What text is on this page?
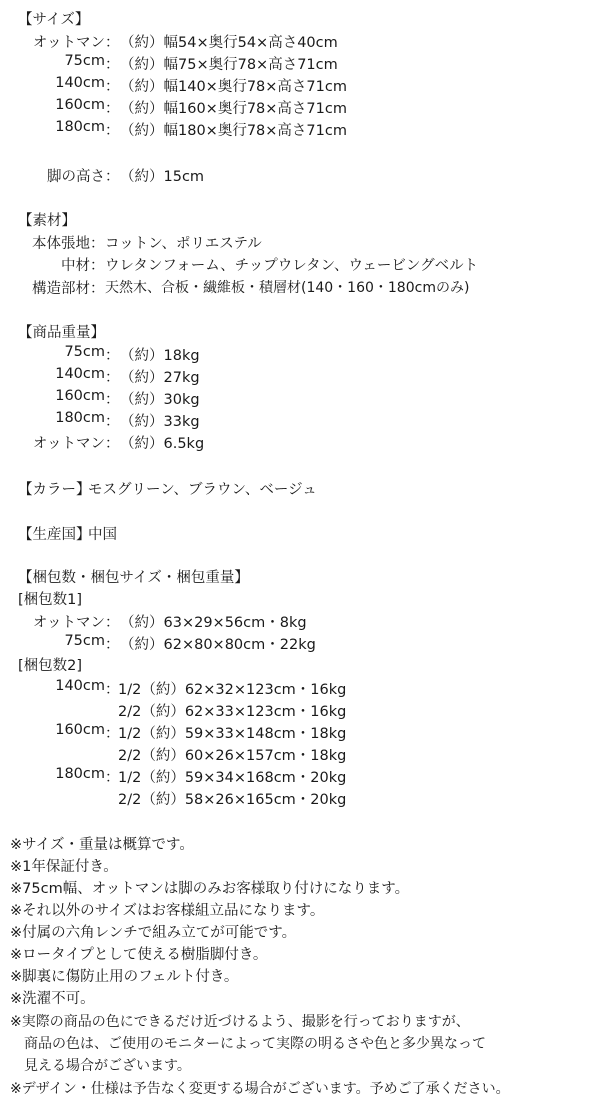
【サイズ】
オットマン ： （約）幅54×奥行54×高さ40cm
75cm ： （約）幅75×奥行78×高さ71cm
140cm ： （約）幅140×奥行78×高さ71cm
160cm ： （約）幅160×奥行78×高さ71cm
180cm ： （約）幅180×奥行78×高さ71cm
脚の高さ ： （約）15cm
【素材】
本体張地 ： コットン、ポリエステル
中材 ： ウレタンフォーム、チップウレタン、ウェービングベルト
構造部材 ： 天然木、合板・繊維板・積層材(140・160・180cmのみ)
【商品重量】
75cm ： （約）18kg
140cm ： （約）27kg
160cm ： （約）30kg
180cm ： （約）33kg
オットマン ： （約）6.5kg
【カラー】
モスグリーン、ブラウン、ベージュ
【生産国】
中国
【梱包数・梱包サイズ・梱包重量】
[梱包数1]
オットマン ： （約）63×29×56cm・8kg
75cm ： （約）62×80×80cm・22kg
[梱包数2]
140cm ：
1/2（約）62×32×123cm・16kg
2/2（約）62×33×123cm・16kg
160cm ：
1/2（約）59×33×148cm・18kg
2/2（約）60×26×157cm・18kg
180cm ：
1/2（約）59×34×168cm・20kg
2/2（約）58×26×165cm・20kg
※サイズ・重量は概算です。
※1年保証付き。
※75cm幅、オットマンは脚のみお客様取り付けになります。
※それ以外のサイズはお客様組立品になります。
※付属の六角レンチで組み立てが可能です。
※ロータイプとして使える樹脂脚付き。
※脚裏に傷防止用のフェルト付き。
※洗濯不可。
※実際の商品の色にできるだけ近づけるよう、撮影を行っておりますが、
　商品の色は、ご使用のモニターによって実際の明るさや色と多少異なって
　見える場合がございます。
※デザイン・仕様は予告なく変更する場合がございます。予めご了承ください。
